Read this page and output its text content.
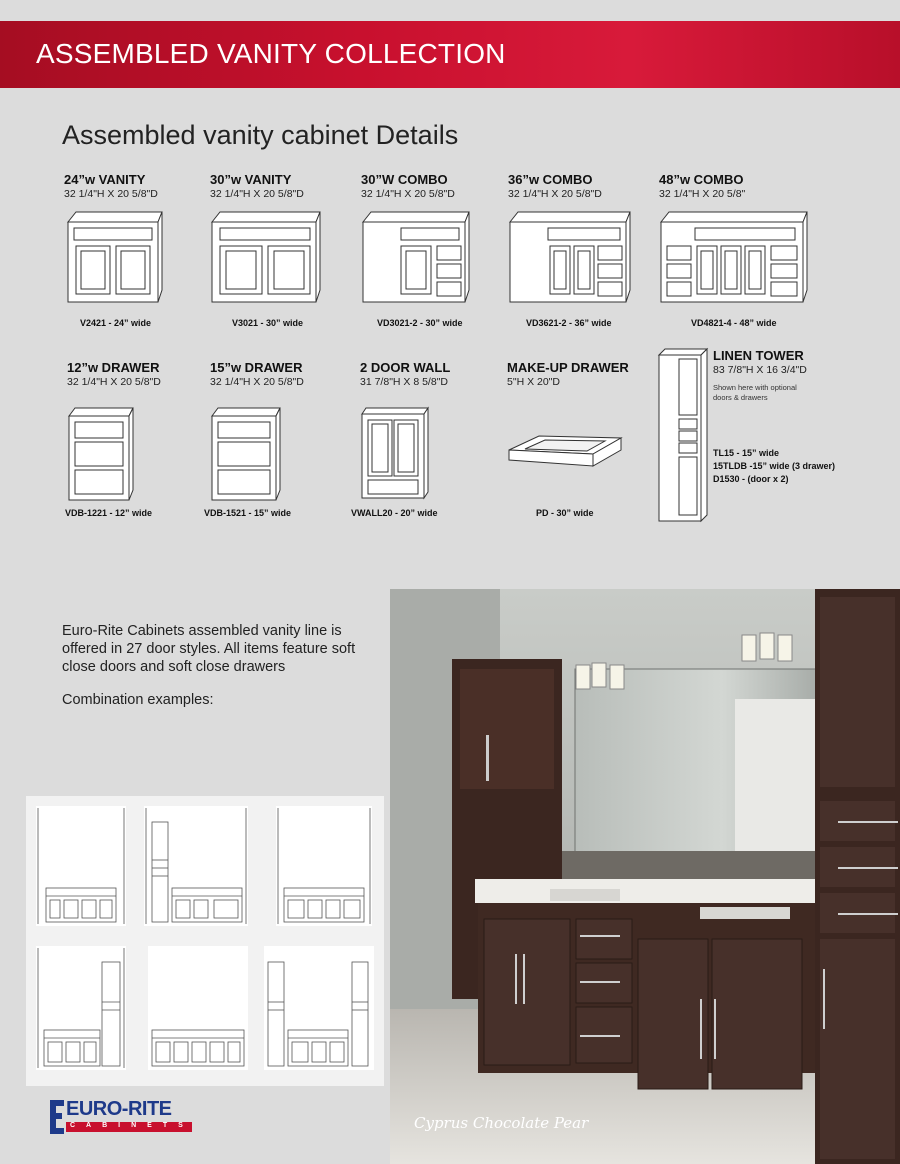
ASSEMBLED VANITY COLLECTION
Assembled vanity cabinet Details
24”w VANITY
32 1/4"H X 20 5/8"D
V2421 - 24” wide
30”w VANITY
32 1/4"H X 20 5/8"D
V3021 - 30” wide
30”W COMBO
32 1/4"H X 20 5/8"D
VD3021-2 - 30” wide
36”w COMBO
32 1/4"H X 20 5/8"D
VD3621-2 - 36” wide
48”w COMBO
32 1/4"H X 20 5/8"
VD4821-4 - 48” wide
12”w DRAWER
32 1/4"H X 20 5/8"D
VDB-1221 - 12” wide
15”w DRAWER
32 1/4"H X 20 5/8"D
VDB-1521 - 15” wide
2 DOOR WALL
31 7/8"H X 8 5/8"D
VWALL20 - 20” wide
MAKE-UP DRAWER
5"H X 20"D
PD - 30” wide
LINEN TOWER
83 7/8"H X 16 3/4"D
Shown here with optional doors & drawers
TL15 - 15” wide
15TLDB -15” wide (3 drawer)
D1530 - (door x 2)
Euro-Rite Cabinets assembled vanity line is offered in 27 door styles. All items feature soft close doors and soft close drawers
Combination examples:
Cyprus Chocolate Pear
EURO-RITE
CABINETS
